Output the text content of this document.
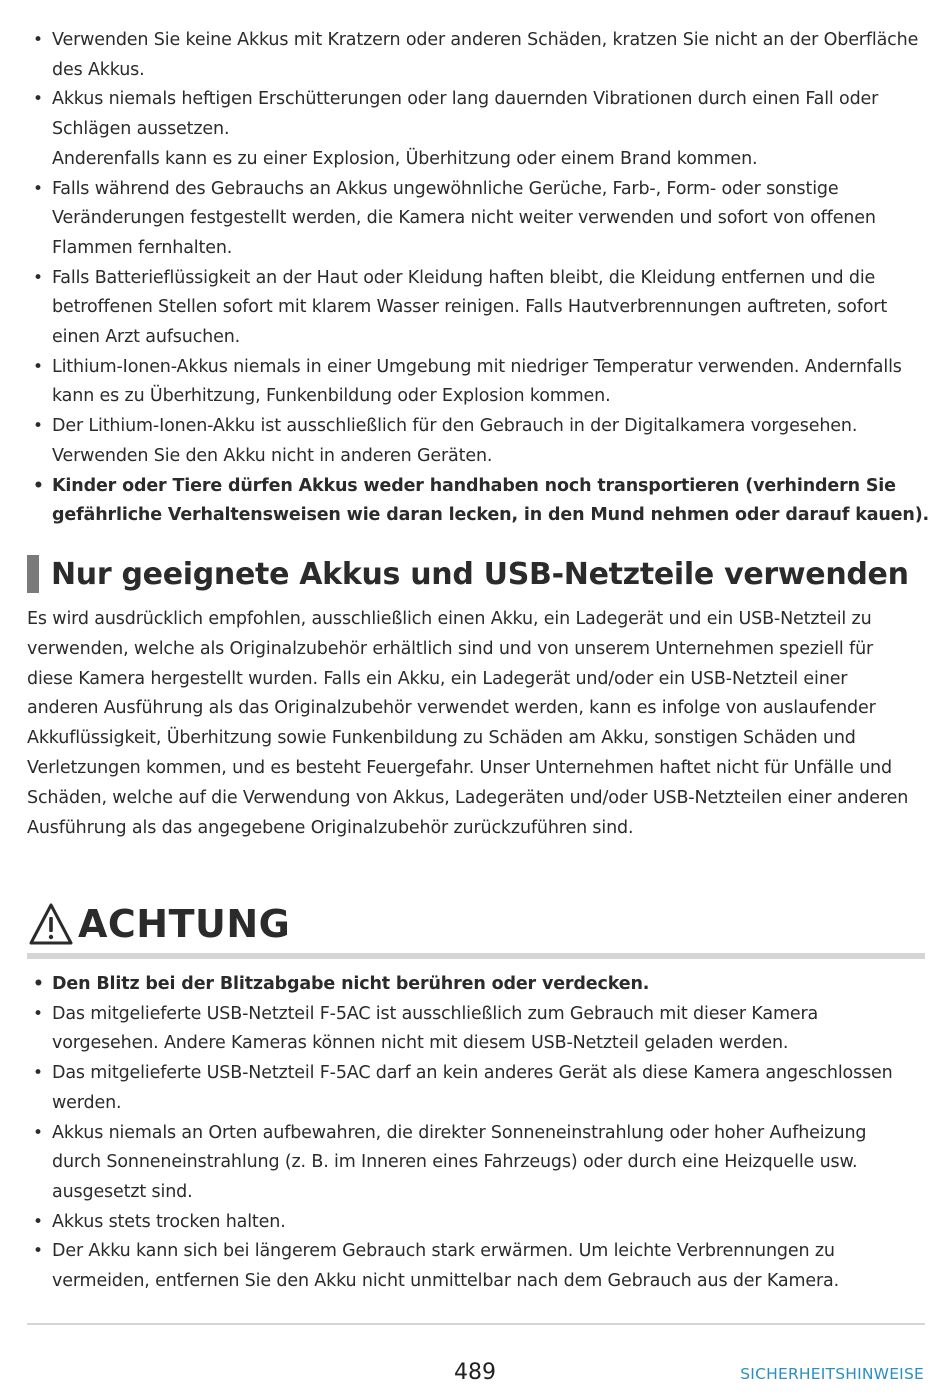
• Verwenden Sie keine Akkus mit Kratzern oder anderen Schäden, kratzen Sie nicht an der Oberfläche
des Akkus.
• Akkus niemals heftigen Erschütterungen oder lang dauernden Vibrationen durch einen Fall oder
Schlägen aussetzen.
Anderenfalls kann es zu einer Explosion, Überhitzung oder einem Brand kommen.
• Falls während des Gebrauchs an Akkus ungewöhnliche Gerüche, Farb-, Form- oder sonstige
Veränderungen festgestellt werden, die Kamera nicht weiter verwenden und sofort von offenen
Flammen fernhalten.
• Falls Batterieflüssigkeit an der Haut oder Kleidung haften bleibt, die Kleidung entfernen und die
betroffenen Stellen sofort mit klarem Wasser reinigen. Falls Hautverbrennungen auftreten, sofort
einen Arzt aufsuchen.
• Lithium-Ionen-Akkus niemals in einer Umgebung mit niedriger Temperatur verwenden. Andernfalls
kann es zu Überhitzung, Funkenbildung oder Explosion kommen.
• Der Lithium-Ionen-Akku ist ausschließlich für den Gebrauch in der Digitalkamera vorgesehen.
Verwenden Sie den Akku nicht in anderen Geräten.
• Kinder oder Tiere dürfen Akkus weder handhaben noch transportieren (verhindern Sie
gefährliche Verhaltensweisen wie daran lecken, in den Mund nehmen oder darauf kauen).
Nur geeignete Akkus und USB-Netzteile verwenden
Es wird ausdrücklich empfohlen, ausschließlich einen Akku, ein Ladegerät und ein USB-Netzteil zu
verwenden, welche als Originalzubehör erhältlich sind und von unserem Unternehmen speziell für
diese Kamera hergestellt wurden. Falls ein Akku, ein Ladegerät und/oder ein USB-Netzteil einer
anderen Ausführung als das Originalzubehör verwendet werden, kann es infolge von auslaufender
Akkuflüssigkeit, Überhitzung sowie Funkenbildung zu Schäden am Akku, sonstigen Schäden und
Verletzungen kommen, und es besteht Feuergefahr. Unser Unternehmen haftet nicht für Unfälle und
Schäden, welche auf die Verwendung von Akkus, Ladegeräten und/oder USB-Netzteilen einer anderen
Ausführung als das angegebene Originalzubehör zurückzuführen sind.
ACHTUNG
• Den Blitz bei der Blitzabgabe nicht berühren oder verdecken.
• Das mitgelieferte USB-Netzteil F-5AC ist ausschließlich zum Gebrauch mit dieser Kamera
vorgesehen. Andere Kameras können nicht mit diesem USB-Netzteil geladen werden.
• Das mitgelieferte USB-Netzteil F-5AC darf an kein anderes Gerät als diese Kamera angeschlossen
werden.
• Akkus niemals an Orten aufbewahren, die direkter Sonneneinstrahlung oder hoher Aufheizung
durch Sonneneinstrahlung (z. B. im Inneren eines Fahrzeugs) oder durch eine Heizquelle usw.
ausgesetzt sind.
• Akkus stets trocken halten.
• Der Akku kann sich bei längerem Gebrauch stark erwärmen. Um leichte Verbrennungen zu
vermeiden, entfernen Sie den Akku nicht unmittelbar nach dem Gebrauch aus der Kamera.
489	SICHERHEITSHINWEISE
